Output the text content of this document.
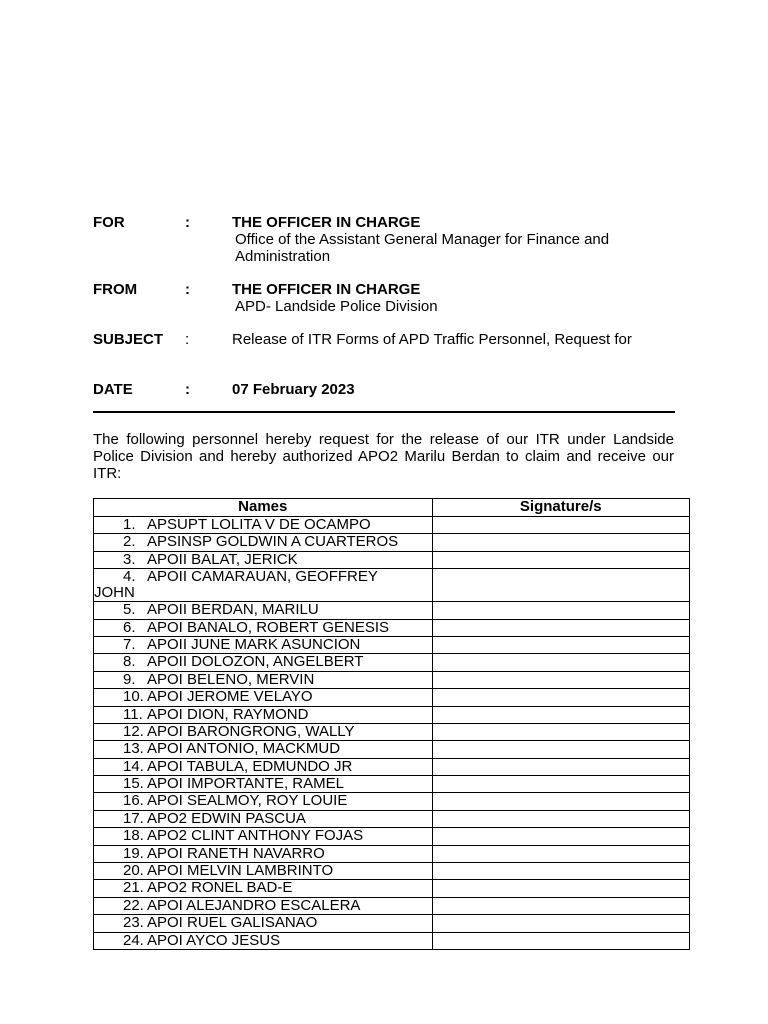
FOR	:	THE OFFICER IN CHARGE
Office of the Assistant General Manager for Finance and
Administration
FROM	:	THE OFFICER IN CHARGE
APD- Landside Police Division
SUBJECT :	Release of ITR Forms of APD Traffic Personnel, Request for
DATE	:	07 February 2023

The following personnel hereby request for the release of our ITR under Landside Police Division and hereby authorized APO2 Marilu Berdan to claim and receive our ITR:

Names	Signature/s

1. APSUPT LOLITA V DE OCAMPO	

2. APSINSP GOLDWIN A CUARTEROS	

3. APOII BALAT, JERICK	

4. APOII CAMARAUAN, GEOFFREY
JOHN	

5. APOII BERDAN, MARILU	

6. APOI BANALO, ROBERT GENESIS	

7. APOII JUNE MARK ASUNCION	

8. APOII DOLOZON, ANGELBERT	

9. APOI BELENO, MERVIN	

10. APOI JEROME VELAYO	

11. APOI DION, RAYMOND	

12. APOI BARONGRONG, WALLY	

13. APOI ANTONIO, MACKMUD	

14. APOI TABULA, EDMUNDO JR	

15. APOI IMPORTANTE, RAMEL	

16. APOI SEALMOY, ROY LOUIE	

17. APO2 EDWIN PASCUA	

18. APO2 CLINT ANTHONY FOJAS	

19. APOI RANETH NAVARRO	

20. APOI MELVIN LAMBRINTO	

21. APO2 RONEL BAD-E	

22. APOI ALEJANDRO ESCALERA	

23. APOI RUEL GALISANAO	

24. APOI AYCO JESUS	
